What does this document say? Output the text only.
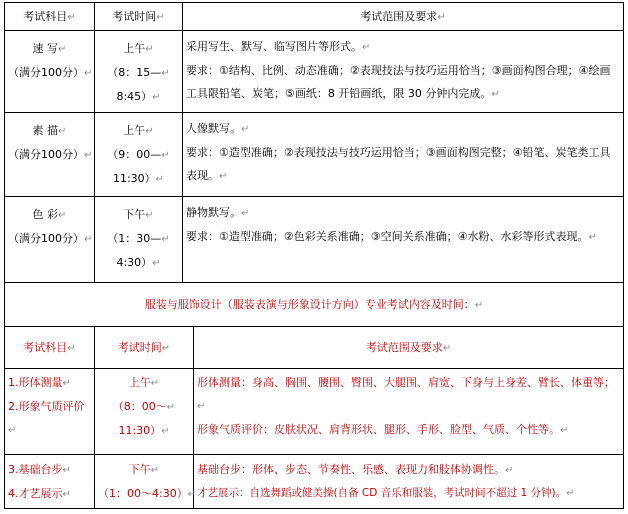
考试科目↵	考试时间↵	考试范围及要求↵	

速 写↵
（满分100分）↵	上午↵
（8：15—↵
8:45）↵	采用写生、默写、临写图片等形式。↵
要求：①结构、比例、动态准确；②表现技法与技巧运用恰当；③画面构图合理；④绘画工具限铅笔、炭笔；⑤画纸：8 开铅画纸，限 30 分钟内完成。↵	

素 描↵
（满分100分）↵	上午↵
（9：00—↵
11:30）↵	人像默写。↵
要求：①造型准确；②表现技法与技巧运用恰当；③画面构图完整；④铅笔、炭笔类工具表现。↵	

色 彩↵
（满分100分）↵	下午↵
（1：30—↵
4:30）↵	静物默写。↵
要求：①造型准确；②色彩关系准确；③空间关系准确；④水粉、水彩等形式表现。↵	

服装与服饰设计（服装表演与形象设计方向）专业考试内容及时间：↵			
考试科目↵	考试时间↵		考试范围及要求↵

1.形体测量↵
2.形象气质评价↵	上午↵
（8：00～↵
11:30）↵		形体测量：身高、胸围、腰围、臀围、大腿围、肩宽、下身与上身差、臂长、体重等；↵
形象气质评价：皮肤状况、肩背形状、腿形、手形、脸型、气质、个性等。↵

3.基础台步↵
4.才艺展示↵	下午↵
（1：00～4:30）↵		基础台步：形体、步态、节奏性、乐感、表现力和肢体协调性。↵
才艺展示：自选舞蹈或健美操(自备 CD 音乐和服装，考试时间不超过 1 分钟)。↵
